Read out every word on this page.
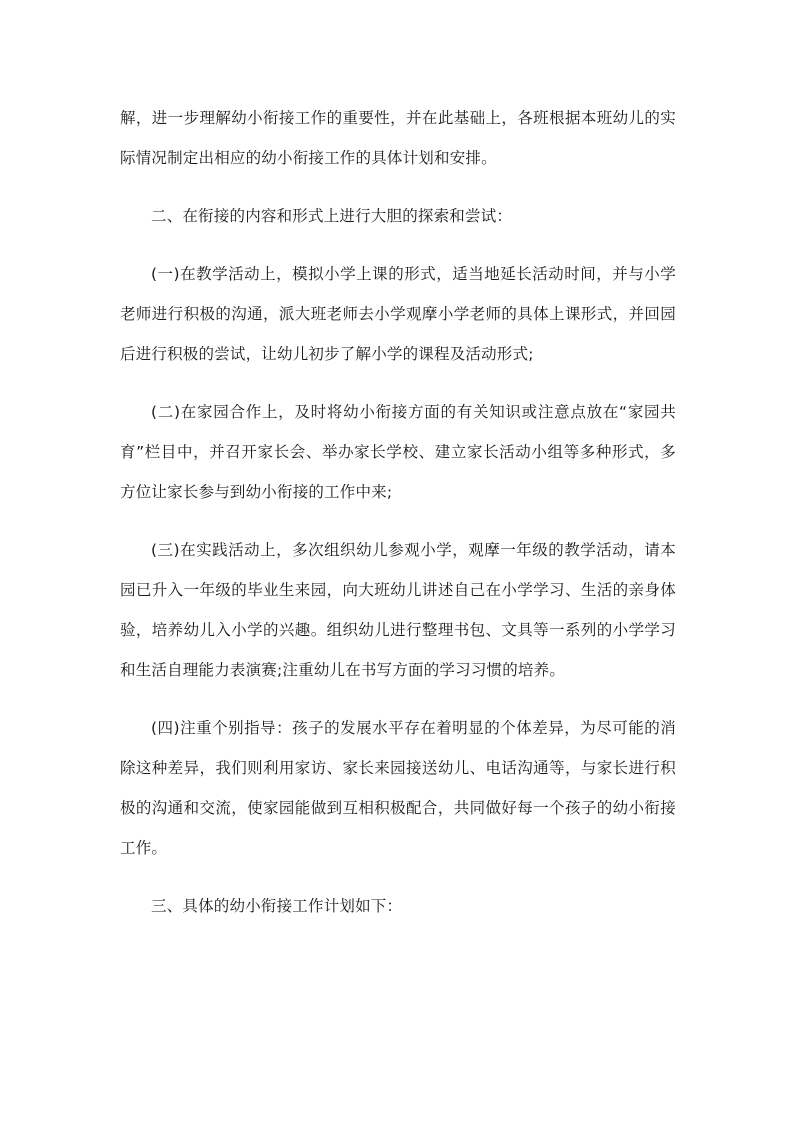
解，进一步理解幼小衔接工作的重要性，并在此基础上，各班根据本班幼儿的实际情况制定出相应的幼小衔接工作的具体计划和安排。

二、在衔接的内容和形式上进行大胆的探索和尝试：

(一)在教学活动上，模拟小学上课的形式，适当地延长活动时间，并与小学老师进行积极的沟通，派大班老师去小学观摩小学老师的具体上课形式，并回园后进行积极的尝试，让幼儿初步了解小学的课程及活动形式;

(二)在家园合作上，及时将幼小衔接方面的有关知识或注意点放在“家园共育”栏目中，并召开家长会、举办家长学校、建立家长活动小组等多种形式，多方位让家长参与到幼小衔接的工作中来;

(三)在实践活动上，多次组织幼儿参观小学，观摩一年级的教学活动，请本园已升入一年级的毕业生来园，向大班幼儿讲述自己在小学学习、生活的亲身体验，培养幼儿入小学的兴趣。组织幼儿进行整理书包、文具等一系列的小学学习和生活自理能力表演赛;注重幼儿在书写方面的学习习惯的培养。

(四)注重个别指导：孩子的发展水平存在着明显的个体差异，为尽可能的消除这种差异，我们则利用家访、家长来园接送幼儿、电话沟通等，与家长进行积极的沟通和交流，使家园能做到互相积极配合，共同做好每一个孩子的幼小衔接工作。

三、具体的幼小衔接工作计划如下：
